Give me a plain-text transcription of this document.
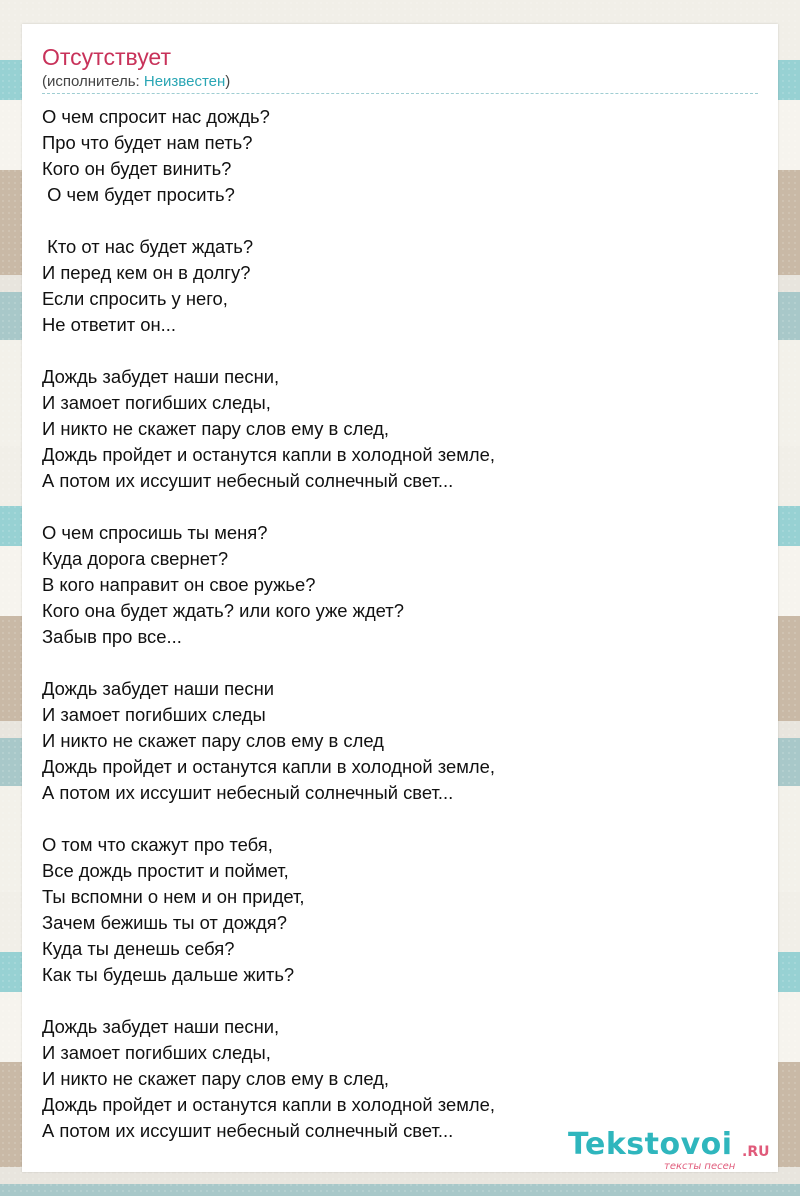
Отсутствует
(исполнитель: Неизвестен)
О чем спросит нас дождь?
Про что будет нам петь?
Кого он будет винить?
О чем будет просить?
Кто от нас будет ждать?
И перед кем он в долгу?
Если спросить у него,
Не ответит он...
Дождь забудет наши песни,
И замоет погибших следы,
И никто не скажет пару слов ему в след,
Дождь пройдет и останутся капли в холодной земле,
А потом их иссушит небесный солнечный свет...
О чем спросишь ты меня?
Куда дорога свернет?
В кого направит он свое ружье?
Кого она будет ждать? или кого уже ждет?
Забыв про все...
Дождь забудет наши песни
И замоет погибших следы
И никто не скажет пару слов ему в след
Дождь пройдет и останутся капли в холодной земле,
А потом их иссушит небесный солнечный свет...
О том что скажут про тебя,
Все дождь простит и поймет,
Ты вспомни о нем и он придет,
Зачем бежишь ты от дождя?
Куда ты денешь себя?
Как ты будешь дальше жить?
Дождь забудет наши песни,
И замоет погибших следы,
И никто не скажет пару слов ему в след,
Дождь пройдет и останутся капли в холодной земле,
А потом их иссушит небесный солнечный свет...	Tekstovoi .RU
тексты песен
